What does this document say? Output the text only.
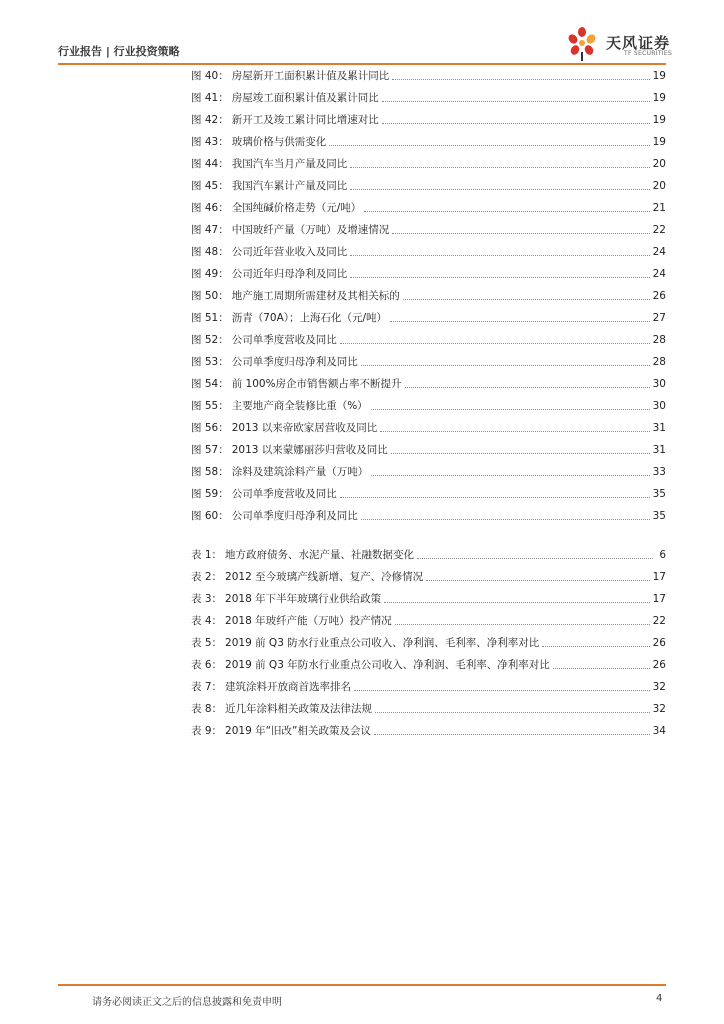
行业报告 | 行业投资策略	天风证券
TF SECURITIES
图 40： 房屋新开工面积累计值及累计同比	19
图 41： 房屋竣工面积累计值及累计同比	19
图 42： 新开工及竣工累计同比增速对比	19
图 43： 玻璃价格与供需变化	19
图 44： 我国汽车当月产量及同比	20
图 45： 我国汽车累计产量及同比	20
图 46： 全国纯碱价格走势（元/吨）	21
图 47： 中国玻纤产量（万吨）及增速情况	22
图 48： 公司近年营业收入及同比	24
图 49： 公司近年归母净利及同比	24
图 50： 地产施工周期所需建材及其相关标的	26
图 51： 沥青（70A）；上海石化（元/吨）	27
图 52： 公司单季度营收及同比	28
图 53： 公司单季度归母净利及同比	28
图 54： 前 100%房企市销售额占率不断提升	30
图 55： 主要地产商全装修比重（%）	30
图 56： 2013 以来帝欧家居营收及同比	31
图 57： 2013 以来蒙娜丽莎归营收及同比	31
图 58： 涂料及建筑涂料产量（万吨）	33
图 59： 公司单季度营收及同比	35
图 60： 公司单季度归母净利及同比	35
表 1： 地方政府债务、水泥产量、社融数据变化	6
表 2： 2012 至今玻璃产线新增、复产、冷修情况	17
表 3： 2018 年下半年玻璃行业供给政策	17
表 4： 2018 年玻纤产能（万吨）投产情况	22
表 5： 2019 前 Q3 防水行业重点公司收入、净利润、毛利率、净利率对比	26
表 6： 2019 前 Q3 年防水行业重点公司收入、净利润、毛利率、净利率对比	26
表 7： 建筑涂料开放商首选率排名	32
表 8： 近几年涂料相关政策及法律法规	32
表 9： 2019 年“旧改”相关政策及会议	34
请务必阅读正文之后的信息披露和免责申明	4
